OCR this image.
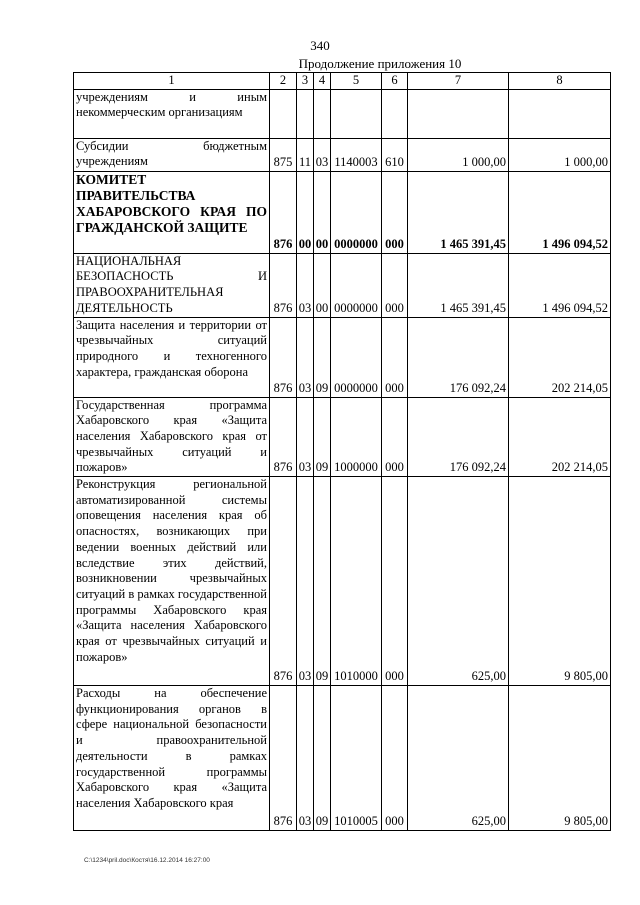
340
Продолжение приложения 10
1	2	3	4	5	6	7	8
учреждениям и иным некоммерческим организациям							
Субсидии бюджетным учреждениям	875	11	03	1140003	610	1 000,00	1 000,00
КОМИТЕТ ПРАВИТЕЛЬСТВА ХАБАРОВСКОГО КРАЯ ПО ГРАЖДАНСКОЙ ЗАЩИТЕ	876	00	00	0000000	000	1 465 391,45	1 496 094,52
НАЦИОНАЛЬНАЯ БЕЗОПАСНОСТЬ И ПРАВООХРАНИТЕЛЬНАЯ ДЕЯТЕЛЬНОСТЬ	876	03	00	0000000	000	1 465 391,45	1 496 094,52
Защита населения и территории от чрезвычайных ситуаций природного и техногенного характера, гражданская оборона	876	03	09	0000000	000	176 092,24	202 214,05
Государственная программа Хабаровского края «Защита населения Хабаровского края от чрезвычайных ситуаций и пожаров»	876	03	09	1000000	000	176 092,24	202 214,05
Реконструкция региональной автоматизированной системы оповещения населения края об опасностях, возникающих при ведении военных действий или вследствие этих действий, возникновении чрезвычайных ситуаций в рамках государственной программы Хабаровского края «Защита населения Хабаровского края от чрезвычайных ситуаций и пожаров»	876	03	09	1010000	000	625,00	9 805,00
Расходы на обеспечение функционирования органов в сфере национальной безопасности и правоохранительной деятельности в рамках государственной программы Хабаровского края «Защита населения Хабаровского края	876	03	09	1010005	000	625,00	9 805,00
C:\1234\pril.doc\Костя\16.12.2014 16:27:00
